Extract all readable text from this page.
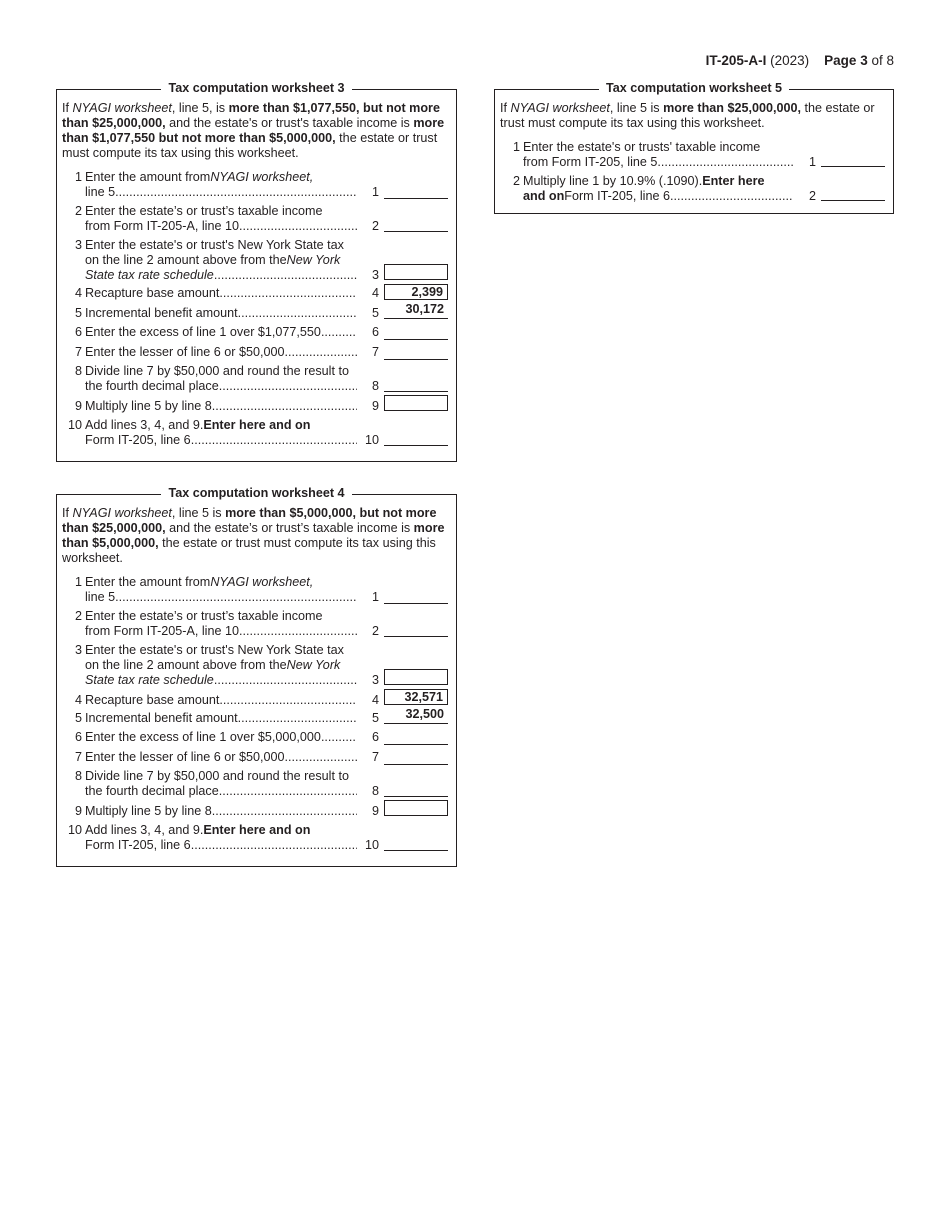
IT-205-A-I (2023) Page 3 of 8
Tax computation worksheet 3
If NYAGI worksheet, line 5, is more than $1,077,550, but not more than $25,000,000, and the estate's or trust's taxable income is more than $1,077,550 but not more than $5,000,000, the estate or trust must compute its tax using this worksheet.
1 Enter the amount from NYAGI worksheet,
line 5 .....	1
2 Enter the estate’s or trust’s taxable income
from Form IT-205-A, line 10 .....	2
3 Enter the estate's or trust's New York State tax
on the line 2 amount above from the New York
State tax rate schedule .....	3
4 Recapture base amount .....	4	2,399
5 Incremental benefit amount .....	5	30,172
6 Enter the excess of line 1 over $1,077,550 .....	6
7 Enter the lesser of line 6 or $50,000 .....	7
8 Divide line 7 by $50,000 and round the result to
the fourth decimal place .....	8
9 Multiply line 5 by line 8 .....	9
10 Add lines 3, 4, and 9. Enter here and on
Form IT-205, line 6 .....	10
Tax computation worksheet 4
If NYAGI worksheet, line 5 is more than $5,000,000, but not more than $25,000,000, and the estate’s or trust’s taxable income is more than $5,000,000, the estate or trust must compute its tax using this worksheet.
1 Enter the amount from NYAGI worksheet,
line 5 .....	1
2 Enter the estate’s or trust’s taxable income
from Form IT-205-A, line 10 .....	2
3 Enter the estate's or trust's New York State tax
on the line 2 amount above from the New York
State tax rate schedule .....	3
4 Recapture base amount .....	4	32,571
5 Incremental benefit amount .....	5	32,500
6 Enter the excess of line 1 over $5,000,000 .....	6
7 Enter the lesser of line 6 or $50,000 .....	7
8 Divide line 7 by $50,000 and round the result to
the fourth decimal place .....	8
9 Multiply line 5 by line 8 .....	9
10 Add lines 3, 4, and 9. Enter here and on
Form IT-205, line 6 .....	10
Tax computation worksheet 5
If NYAGI worksheet, line 5 is more than $25,000,000, the estate or trust must compute its tax using this worksheet.
1 Enter the estate's or trusts' taxable income
from Form IT-205, line 5 .....	1
2 Multiply line 1 by 10.9% (.1090). Enter here
and on Form IT-205, line 6 .....	2
